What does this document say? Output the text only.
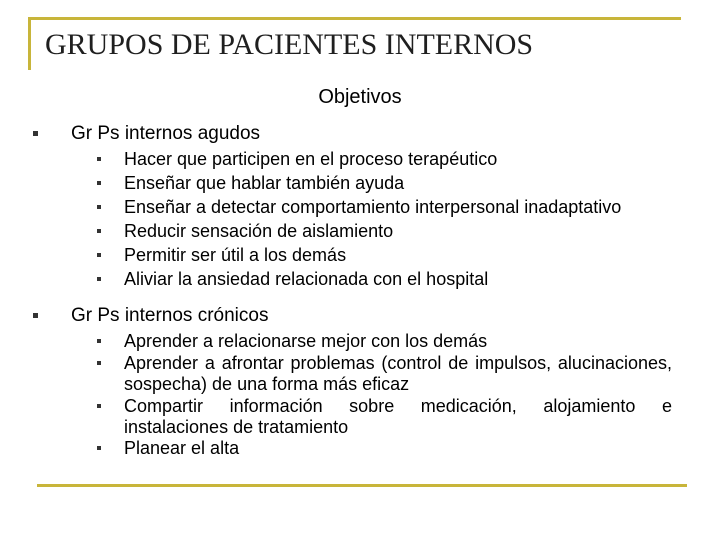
GRUPOS DE PACIENTES INTERNOS
Objetivos
Gr Ps internos agudos
Hacer que participen en el proceso terapéutico
Enseñar que hablar también ayuda
Enseñar a detectar comportamiento interpersonal inadaptativo
Reducir sensación de aislamiento
Permitir ser útil a los demás
Aliviar la ansiedad relacionada con el hospital
Gr Ps internos crónicos
Aprender a relacionarse mejor con los demás
Aprender a afrontar problemas (control de impulsos, alucinaciones, sospecha) de una forma más eficaz
Compartir información sobre medicación, alojamiento e instalaciones de tratamiento
Planear el alta
